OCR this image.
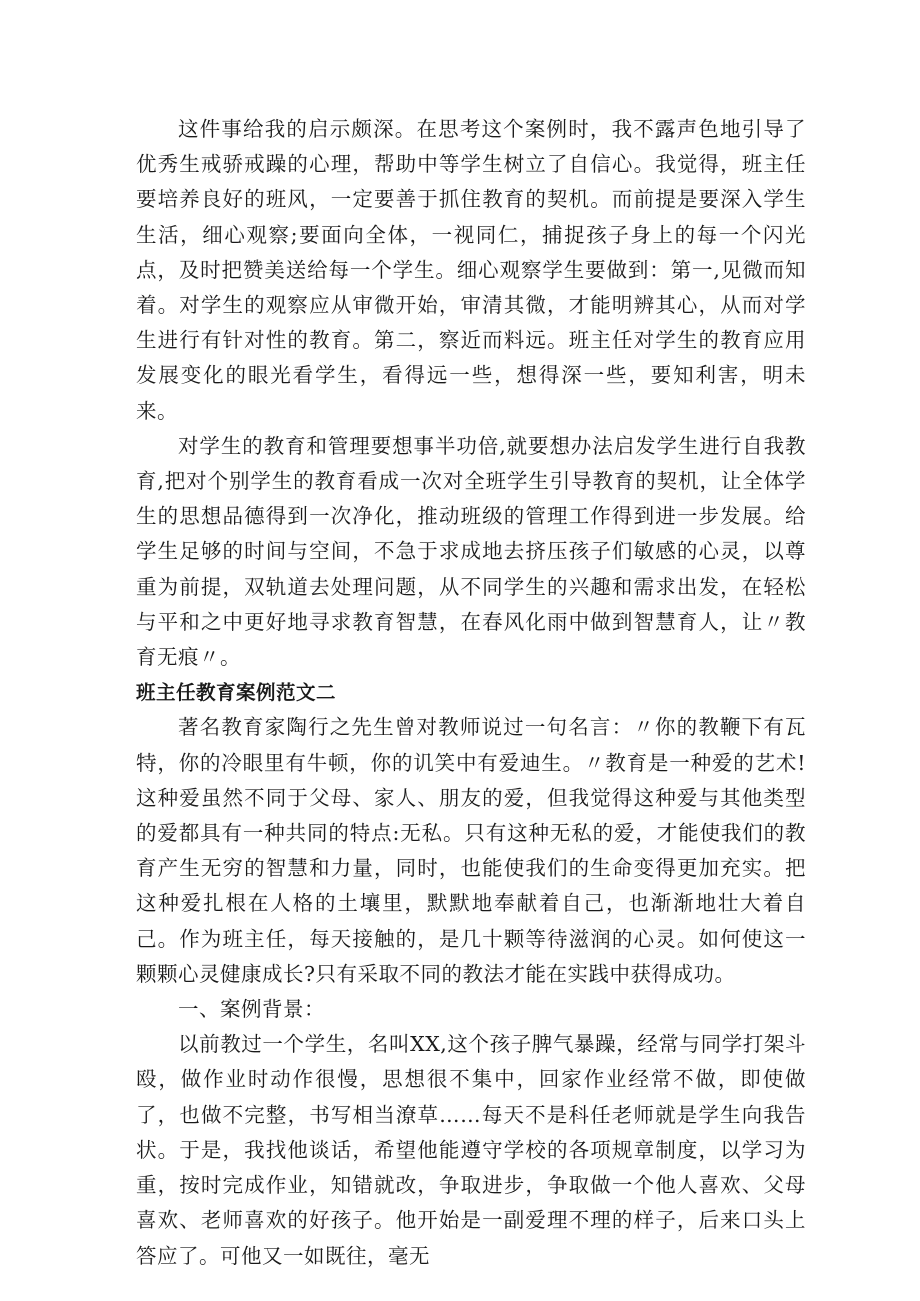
这件事给我的启示颇深。在思考这个案例时，我不露声色地引导了优秀生戒骄戒躁的心理，帮助中等学生树立了自信心。我觉得，班主任要培养良好的班风，一定要善于抓住教育的契机。而前提是要深入学生生活，细心观察;要面向全体，一视同仁，捕捉孩子身上的每一个闪光点，及时把赞美送给每一个学生。细心观察学生要做到：第一,见微而知着。对学生的观察应从审微开始，审清其微，才能明辨其心，从而对学生进行有针对性的教育。第二，察近而料远。班主任对学生的教育应用发展变化的眼光看学生，看得远一些，想得深一些，要知利害，明未来。

对学生的教育和管理要想事半功倍,就要想办法启发学生进行自我教育,把对个别学生的教育看成一次对全班学生引导教育的契机，让全体学生的思想品德得到一次净化，推动班级的管理工作得到进一步发展。给学生足够的时间与空间，不急于求成地去挤压孩子们敏感的心灵，以尊重为前提，双轨道去处理问题，从不同学生的兴趣和需求出发，在轻松与平和之中更好地寻求教育智慧，在春风化雨中做到智慧育人，让〃教育无痕〃。

班主任教育案例范文二

著名教育家陶行之先生曾对教师说过一句名言：〃你的教鞭下有瓦特，你的冷眼里有牛顿，你的讥笑中有爱迪生。〃教育是一种爱的艺术!这种爱虽然不同于父母、家人、朋友的爱，但我觉得这种爱与其他类型的爱都具有一种共同的特点:无私。只有这种无私的爱，才能使我们的教育产生无穷的智慧和力量，同时，也能使我们的生命变得更加充实。把这种爱扎根在人格的土壤里，默默地奉献着自己，也渐渐地壮大着自己。作为班主任，每天接触的，是几十颗等待滋润的心灵。如何使这一颗颗心灵健康成长?只有采取不同的教法才能在实践中获得成功。

一、案例背景：

以前教过一个学生，名叫XX,这个孩子脾气暴躁，经常与同学打架斗殴，做作业时动作很慢，思想很不集中，回家作业经常不做，即使做了，也做不完整，书写相当潦草……每天不是科任老师就是学生向我告状。于是，我找他谈话，希望他能遵守学校的各项规章制度，以学习为重，按时完成作业，知错就改，争取进步，争取做一个他人喜欢、父母喜欢、老师喜欢的好孩子。他开始是一副爱理不理的样子，后来口头上答应了。可他又一如既往，毫无
